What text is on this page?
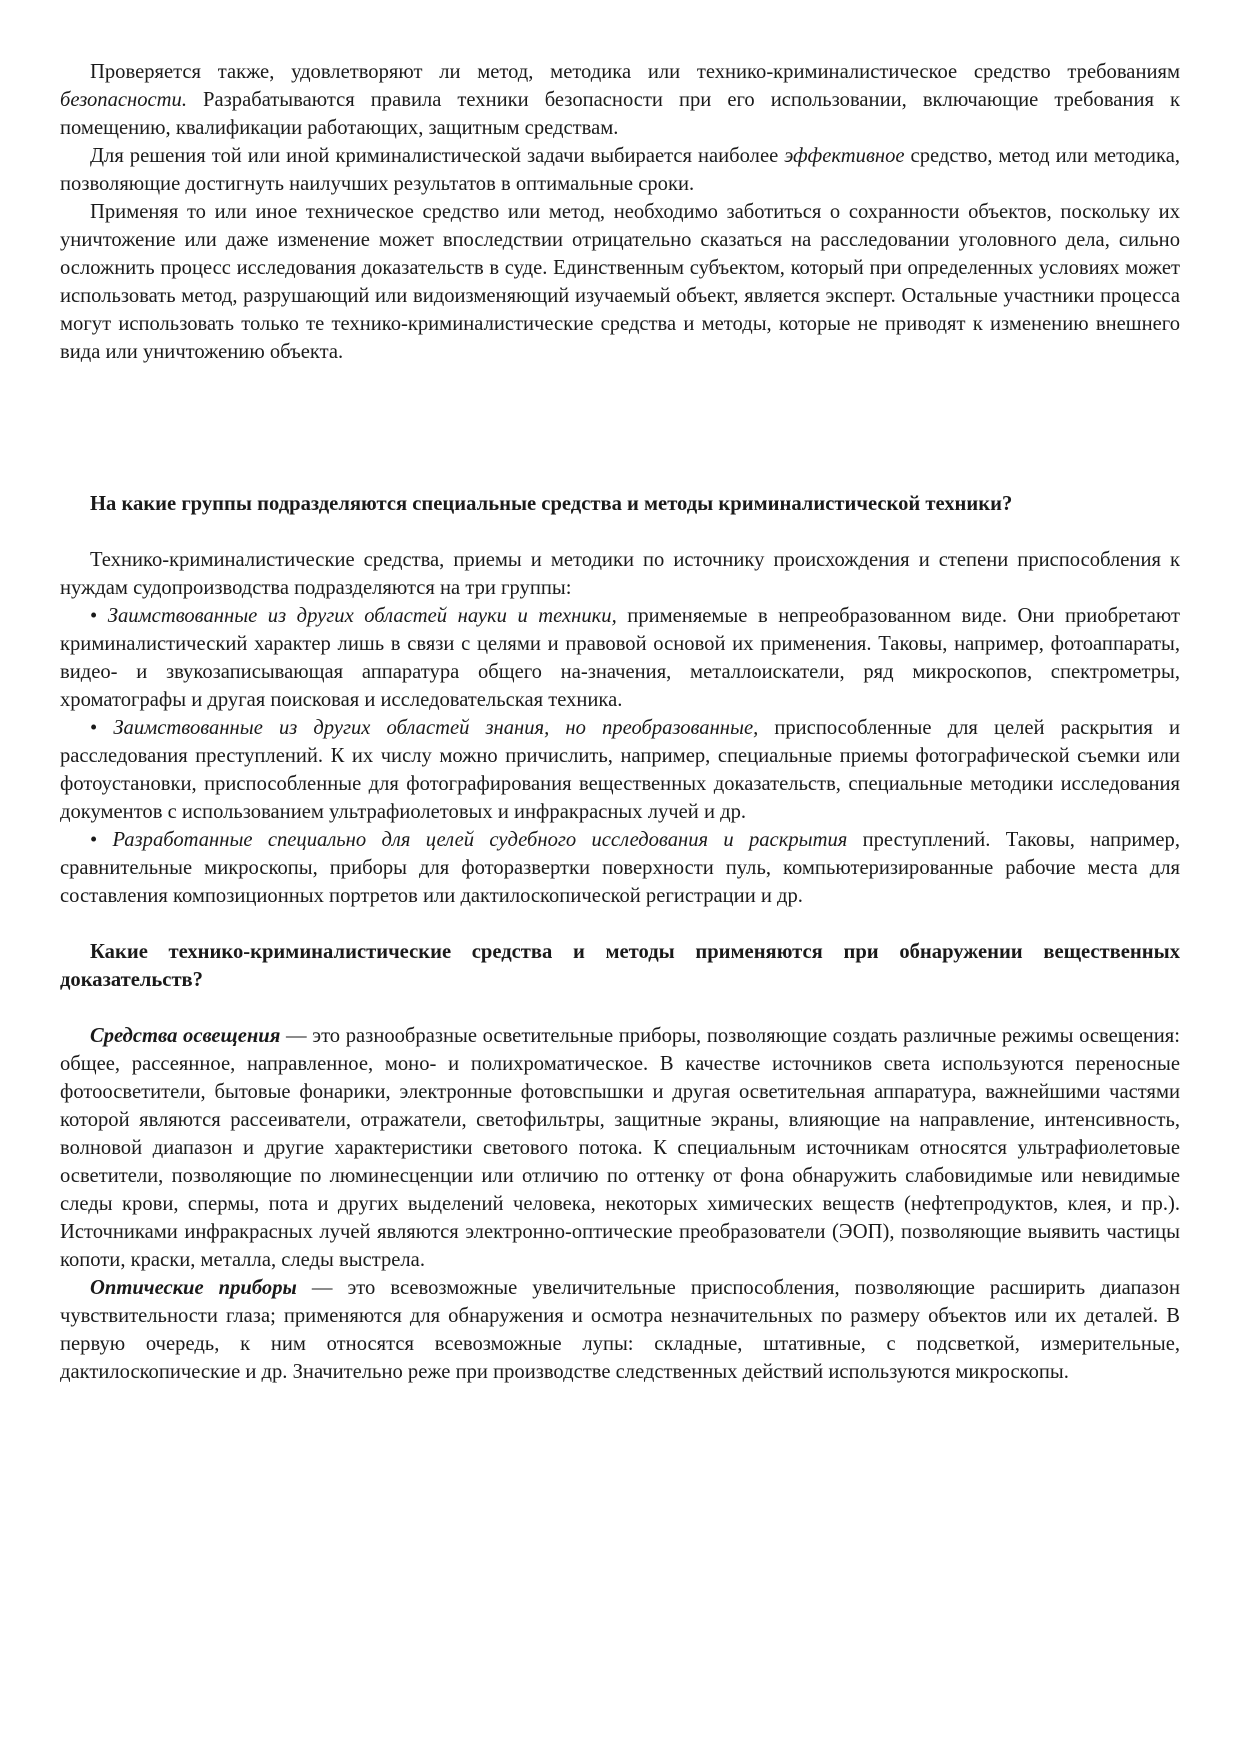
Проверяется также, удовлетворяют ли метод, методика или технико-криминалистическое средство требованиям безопасности. Разрабатываются правила техники безопасности при его использовании, включающие требования к помещению, квалификации работающих, защитным средствам.

Для решения той или иной криминалистической задачи выбирается наиболее эффективное средство, метод или методика, позволяющие достигнуть наилучших результатов в оптимальные сроки.

Применяя то или иное техническое средство или метод, необходимо заботиться о сохранности объектов, поскольку их уничтожение или даже изменение может впоследствии отрицательно сказаться на расследовании уголовного дела, сильно осложнить процесс исследования доказательств в суде. Единственным субъектом, который при определенных условиях может использовать метод, разрушающий или видоизменяющий изучаемый объект, является эксперт. Остальные участники процесса могут использовать только те технико-криминалистические средства и методы, которые не приводят к изменению внешнего вида или уничтожению объекта.

На какие группы подразделяются специальные средства и методы криминалистической техники?

Технико-криминалистические средства, приемы и методики по источнику происхождения и степени приспособления к нуждам судопроизводства подразделяются на три группы:

• Заимствованные из других областей науки и техники, применяемые в непреобразованном виде. Они приобретают криминалистический характер лишь в связи с целями и правовой основой их применения. Таковы, например, фотоаппараты, видео- и звукозаписывающая аппаратура общего на-значения, металлоискатели, ряд микроскопов, спектрометры, хроматографы и другая поисковая и исследовательская техника.

• Заимствованные из других областей знания, но преобразованные, приспособленные для целей раскрытия и расследования преступлений. К их числу можно причислить, например, специальные приемы фотографической съемки или фотоустановки, приспособленные для фотографирования вещественных доказательств, специальные методики исследования документов с использованием ультрафиолетовых и инфракрасных лучей и др.

• Разработанные специально для целей судебного исследования и раскрытия преступлений. Таковы, например, сравнительные микроскопы, приборы для фоторазвертки поверхности пуль, компьютеризированные рабочие места для составления композиционных портретов или дактилоскопической регистрации и др.

Какие технико-криминалистические средства и методы применяются при обнаружении вещественных доказательств?

Средства освещения — это разнообразные осветительные приборы, позволяющие создать различные режимы освещения: общее, рассеянное, направленное, моно- и полихроматическое. В качестве источников света используются переносные фотоосветители, бытовые фонарики, электронные фотовспышки и другая осветительная аппаратура, важнейшими частями которой являются рассеиватели, отражатели, светофильтры, защитные экраны, влияющие на направление, интенсивность, волновой диапазон и другие характеристики светового потока. К специальным источникам относятся ультрафиолетовые осветители, позволяющие по люминесценции или отличию по оттенку от фона обнаружить слабовидимые или невидимые следы крови, спермы, пота и других выделений человека, некоторых химических веществ (нефтепродуктов, клея, и пр.). Источниками инфракрасных лучей являются электронно-оптические преобразователи (ЭОП), позволяющие выявить частицы копоти, краски, металла, следы выстрела.

Оптические приборы — это всевозможные увеличительные приспособления, позволяющие расширить диапазон чувствительности глаза; применяются для обнаружения и осмотра незначительных по размеру объектов или их деталей. В первую очередь, к ним относятся всевозможные лупы: складные, штативные, с подсветкой, измерительные, дактилоскопические и др. Значительно реже при производстве следственных действий используются микроскопы.
